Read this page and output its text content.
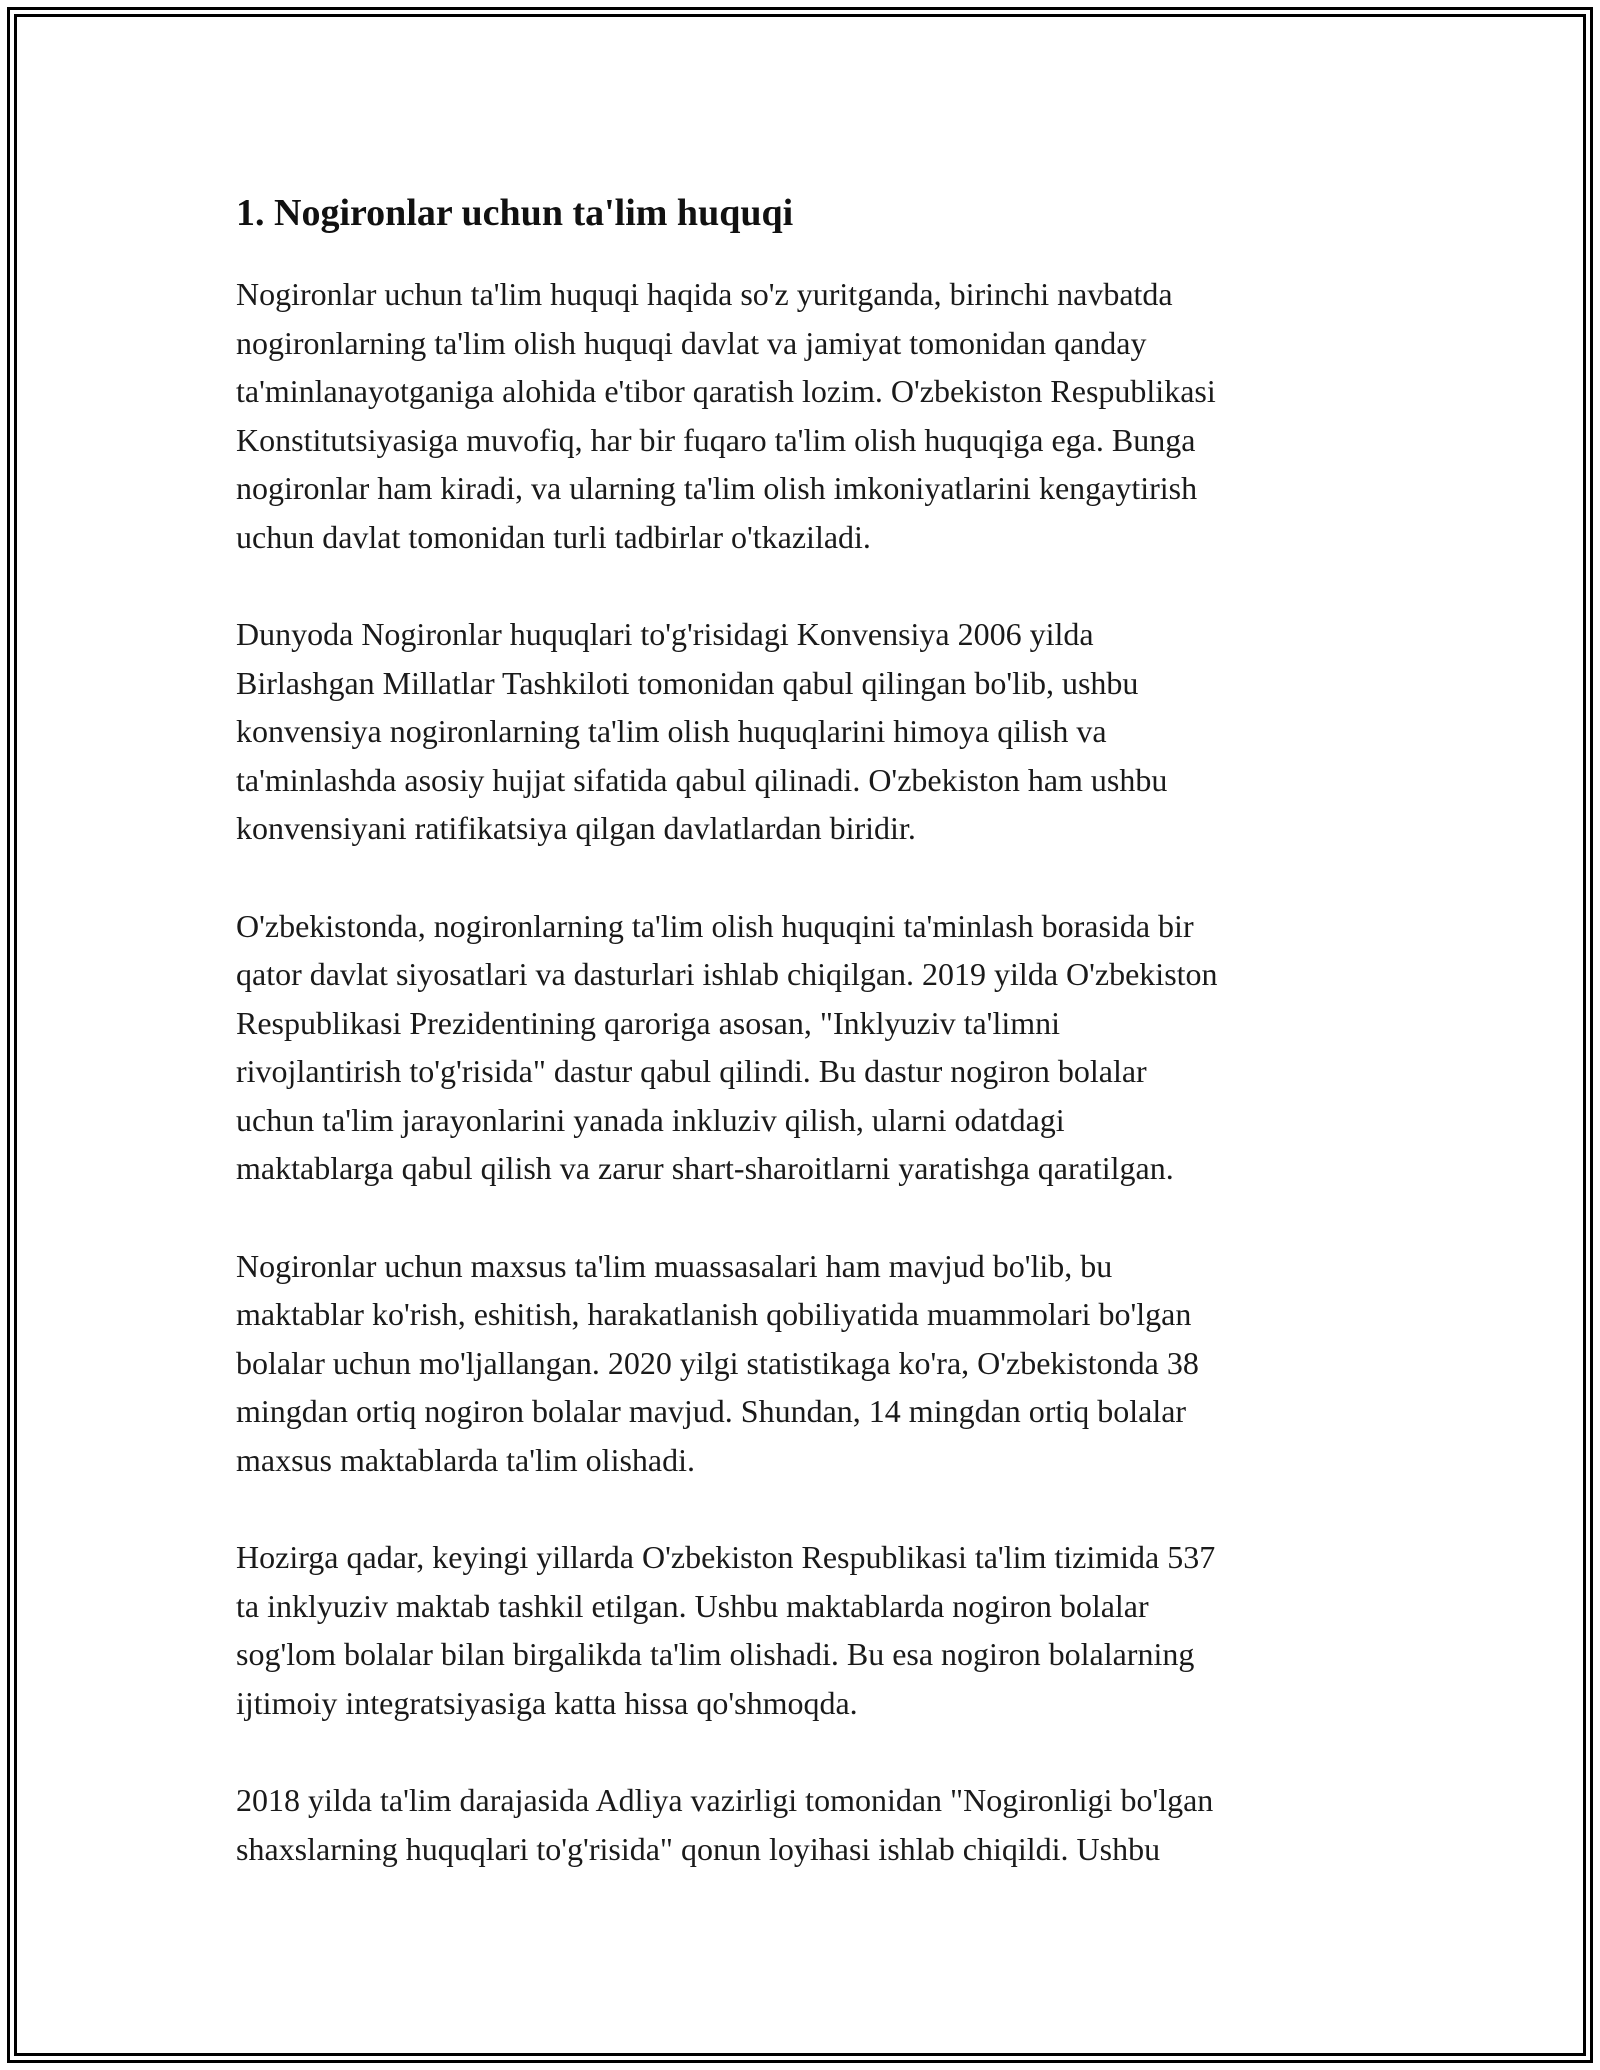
1. Nogironlar uchun ta'lim huquqi

Nogironlar uchun ta'lim huquqi haqida so'z yuritganda, birinchi navbatda
nogironlarning ta'lim olish huquqi davlat va jamiyat tomonidan qanday
ta'minlanayotganiga alohida e'tibor qaratish lozim. O'zbekiston Respublikasi
Konstitutsiyasiga muvofiq, har bir fuqaro ta'lim olish huquqiga ega. Bunga
nogironlar ham kiradi, va ularning ta'lim olish imkoniyatlarini kengaytirish
uchun davlat tomonidan turli tadbirlar o'tkaziladi.

Dunyoda Nogironlar huquqlari to'g'risidagi Konvensiya 2006 yilda
Birlashgan Millatlar Tashkiloti tomonidan qabul qilingan bo'lib, ushbu
konvensiya nogironlarning ta'lim olish huquqlarini himoya qilish va
ta'minlashda asosiy hujjat sifatida qabul qilinadi. O'zbekiston ham ushbu
konvensiyani ratifikatsiya qilgan davlatlardan biridir.

O'zbekistonda, nogironlarning ta'lim olish huquqini ta'minlash borasida bir
qator davlat siyosatlari va dasturlari ishlab chiqilgan. 2019 yilda O'zbekiston
Respublikasi Prezidentining qaroriga asosan, "Inklyuziv ta'limni
rivojlantirish to'g'risida" dastur qabul qilindi. Bu dastur nogiron bolalar
uchun ta'lim jarayonlarini yanada inkluziv qilish, ularni odatdagi
maktablarga qabul qilish va zarur shart-sharoitlarni yaratishga qaratilgan.

Nogironlar uchun maxsus ta'lim muassasalari ham mavjud bo'lib, bu
maktablar ko'rish, eshitish, harakatlanish qobiliyatida muammolari bo'lgan
bolalar uchun mo'ljallangan. 2020 yilgi statistikaga ko'ra, O'zbekistonda 38
mingdan ortiq nogiron bolalar mavjud. Shundan, 14 mingdan ortiq bolalar
maxsus maktablarda ta'lim olishadi.

Hozirga qadar, keyingi yillarda O'zbekiston Respublikasi ta'lim tizimida 537
ta inklyuziv maktab tashkil etilgan. Ushbu maktablarda nogiron bolalar
sog'lom bolalar bilan birgalikda ta'lim olishadi. Bu esa nogiron bolalarning
ijtimoiy integratsiyasiga katta hissa qo'shmoqda.

2018 yilda ta'lim darajasida Adliya vazirligi tomonidan "Nogironligi bo'lgan
shaxslarning huquqlari to'g'risida" qonun loyihasi ishlab chiqildi. Ushbu
